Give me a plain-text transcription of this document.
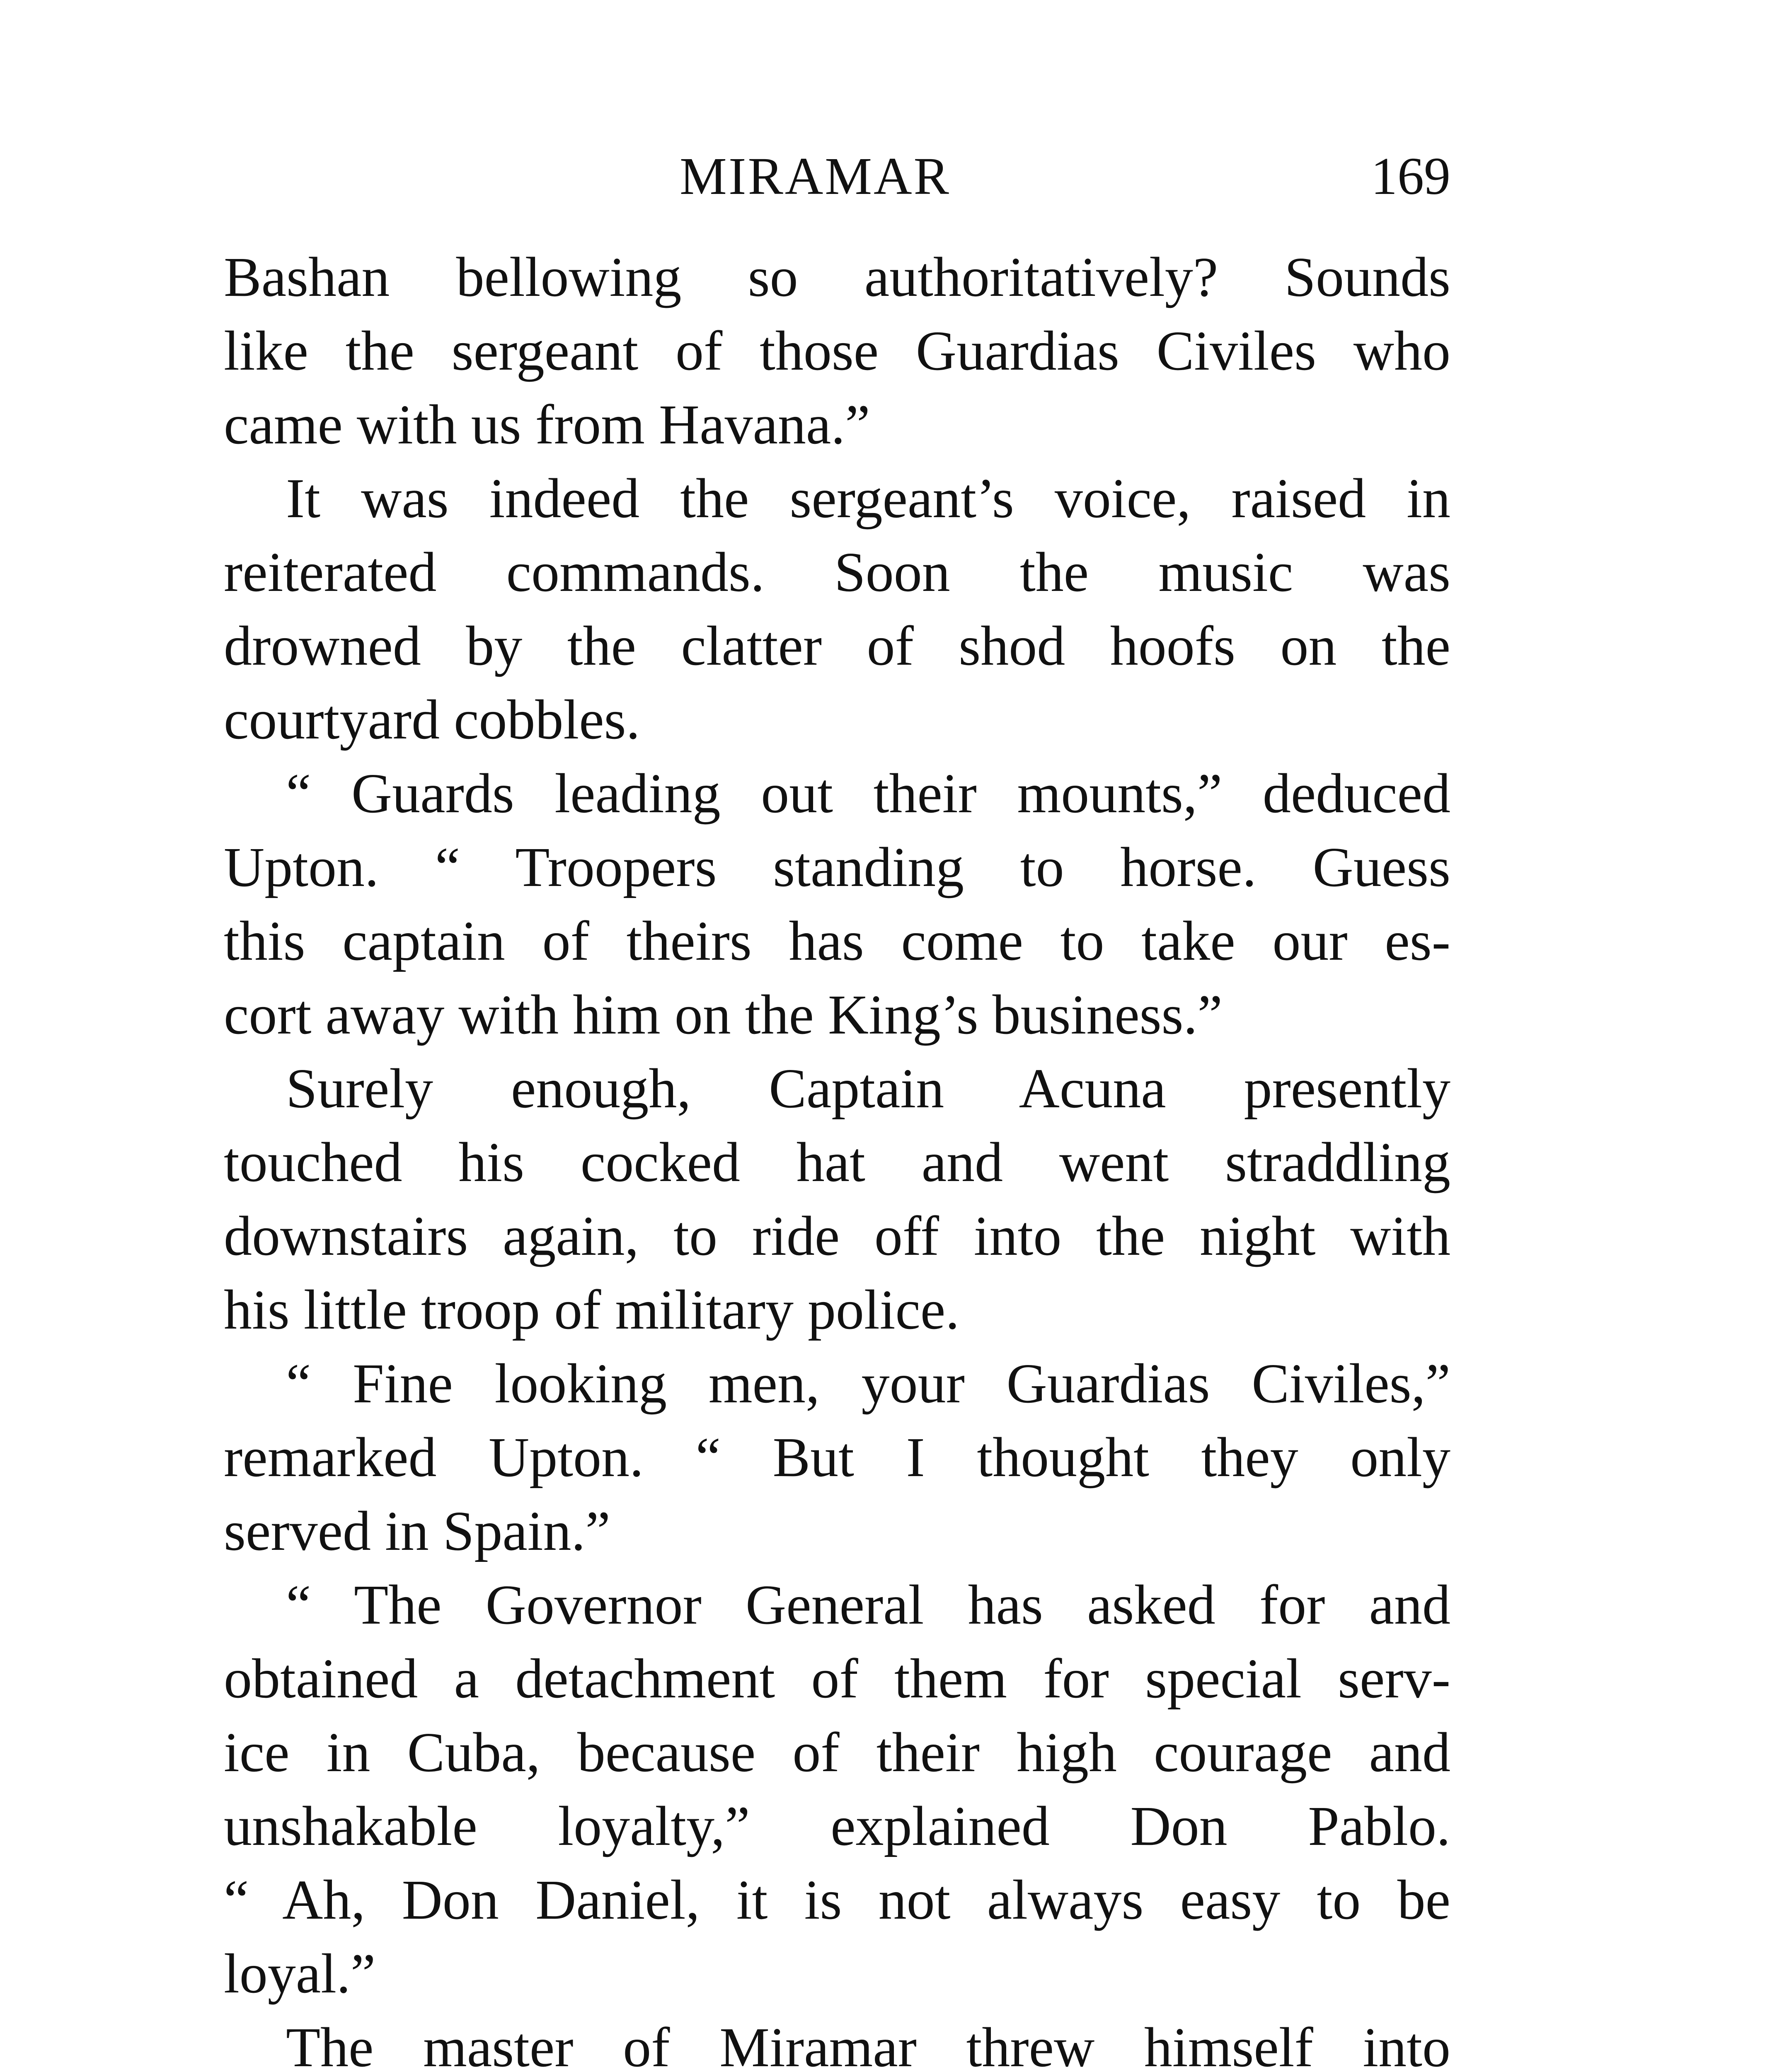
MIRAMAR	169
Bashan bellowing so authoritatively? Sounds
like the sergeant of those Guardias Civiles who
came with us from Havana.”
It was indeed the sergeant’s voice, raised in
reiterated commands. Soon the music was
drowned by the clatter of shod hoofs on the
courtyard cobbles.
“ Guards leading out their mounts,” deduced
Upton. “ Troopers standing to horse. Guess
this captain of theirs has come to take our es-
cort away with him on the King’s business.”
Surely enough, Captain Acuna presently
touched his cocked hat and went straddling
downstairs again, to ride off into the night with
his little troop of military police.
“ Fine looking men, your Guardias Civiles,”
remarked Upton. “ But I thought they only
served in Spain.”
“ The Governor General has asked for and
obtained a detachment of them for special serv-
ice in Cuba, because of their high courage and
unshakable loyalty,” explained Don Pablo.
“ Ah, Don Daniel, it is not always easy to be
loyal.”
The master of Miramar threw himself into
